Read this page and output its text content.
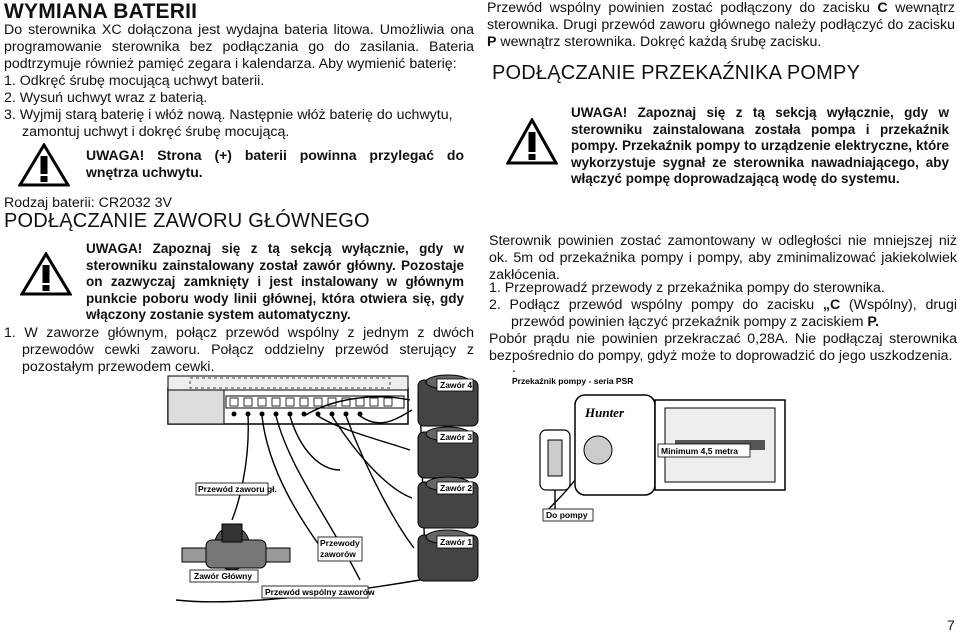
WYMIANA BATERII
Do sterownika XC dołączona jest wydajna bateria litowa. Umożliwia ona programowanie sterownika bez podłączania go do zasilania. Bateria podtrzymuje również pamięć zegara i kalendarza. Aby wymienić baterię:
1. Odkręć śrubę mocującą uchwyt baterii.
2. Wysuń uchwyt wraz z baterią.
3. Wyjmij starą baterię i włóż nową. Następnie włóż baterię do uchwytu,
zamontuj uchwyt i dokręć śrubę mocującą.
UWAGA! Strona (+) baterii powinna przylegać do
wnętrza uchwytu.
Rodzaj baterii: CR2032 3V
PODŁĄCZANIE ZAWORU GŁÓWNEGO
UWAGA! Zapoznaj się z tą sekcją wyłącznie, gdy w sterowniku zainstalowany został zawór główny. Pozostaje on zazwyczaj zamknięty i jest instalowany w głównym punkcie poboru wody linii głównej, która otwiera się, gdy włączony zostanie system automatyczny.
1. W zaworze głównym, połącz przewód wspólny z jednym z dwóch
przewodów cewki zaworu. Połącz oddzielny przewód sterujący z
pozostałym przewodem cewki.
Przewód wspólny powinien zostać podłączony do zacisku C wewnątrz sterownika. Drugi przewód zaworu głównego należy podłączyć do zacisku P wewnątrz sterownika. Dokręć każdą śrubę zacisku.
PODŁĄCZANIE PRZEKAŹNIKA POMPY
UWAGA! Zapoznaj się z tą sekcją wyłącznie, gdy w sterowniku zainstalowana została pompa i przekaźnik pompy. Przekaźnik pompy to urządzenie elektryczne, które wykorzystuje sygnał ze sterownika nawadniającego, aby włączyć pompę doprowadzającą wodę do systemu.
Sterownik powinien zostać zamontowany w odległości nie mniejszej niż ok. 5m od przekaźnika pompy i pompy, aby zminimalizować jakiekolwiek zakłócenia.
1. Przeprowadź przewody z przekaźnika pompy do sterownika.
2. Podłącz przewód wspólny pompy do zacisku „C (Wspólny), drugi
przewód powinien łączyć przekaźnik pompy z zaciskiem P.
Pobór prądu nie powinien przekraczać 0,28A. Nie podłączaj sterownika bezpośrednio do pompy, gdyż może to doprowadzić do jego uszkodzenia.
.
Zawór 4
Zawór 3
Zawór 2
Zawór 1
Przewód zaworu gł.
Przewody
zaworów
Zawór Główny
Przewód wspólny zaworów
Przekaźnik pompy - seria PSR
Hunter
Minimum 4,5 metra
Do pompy
7
